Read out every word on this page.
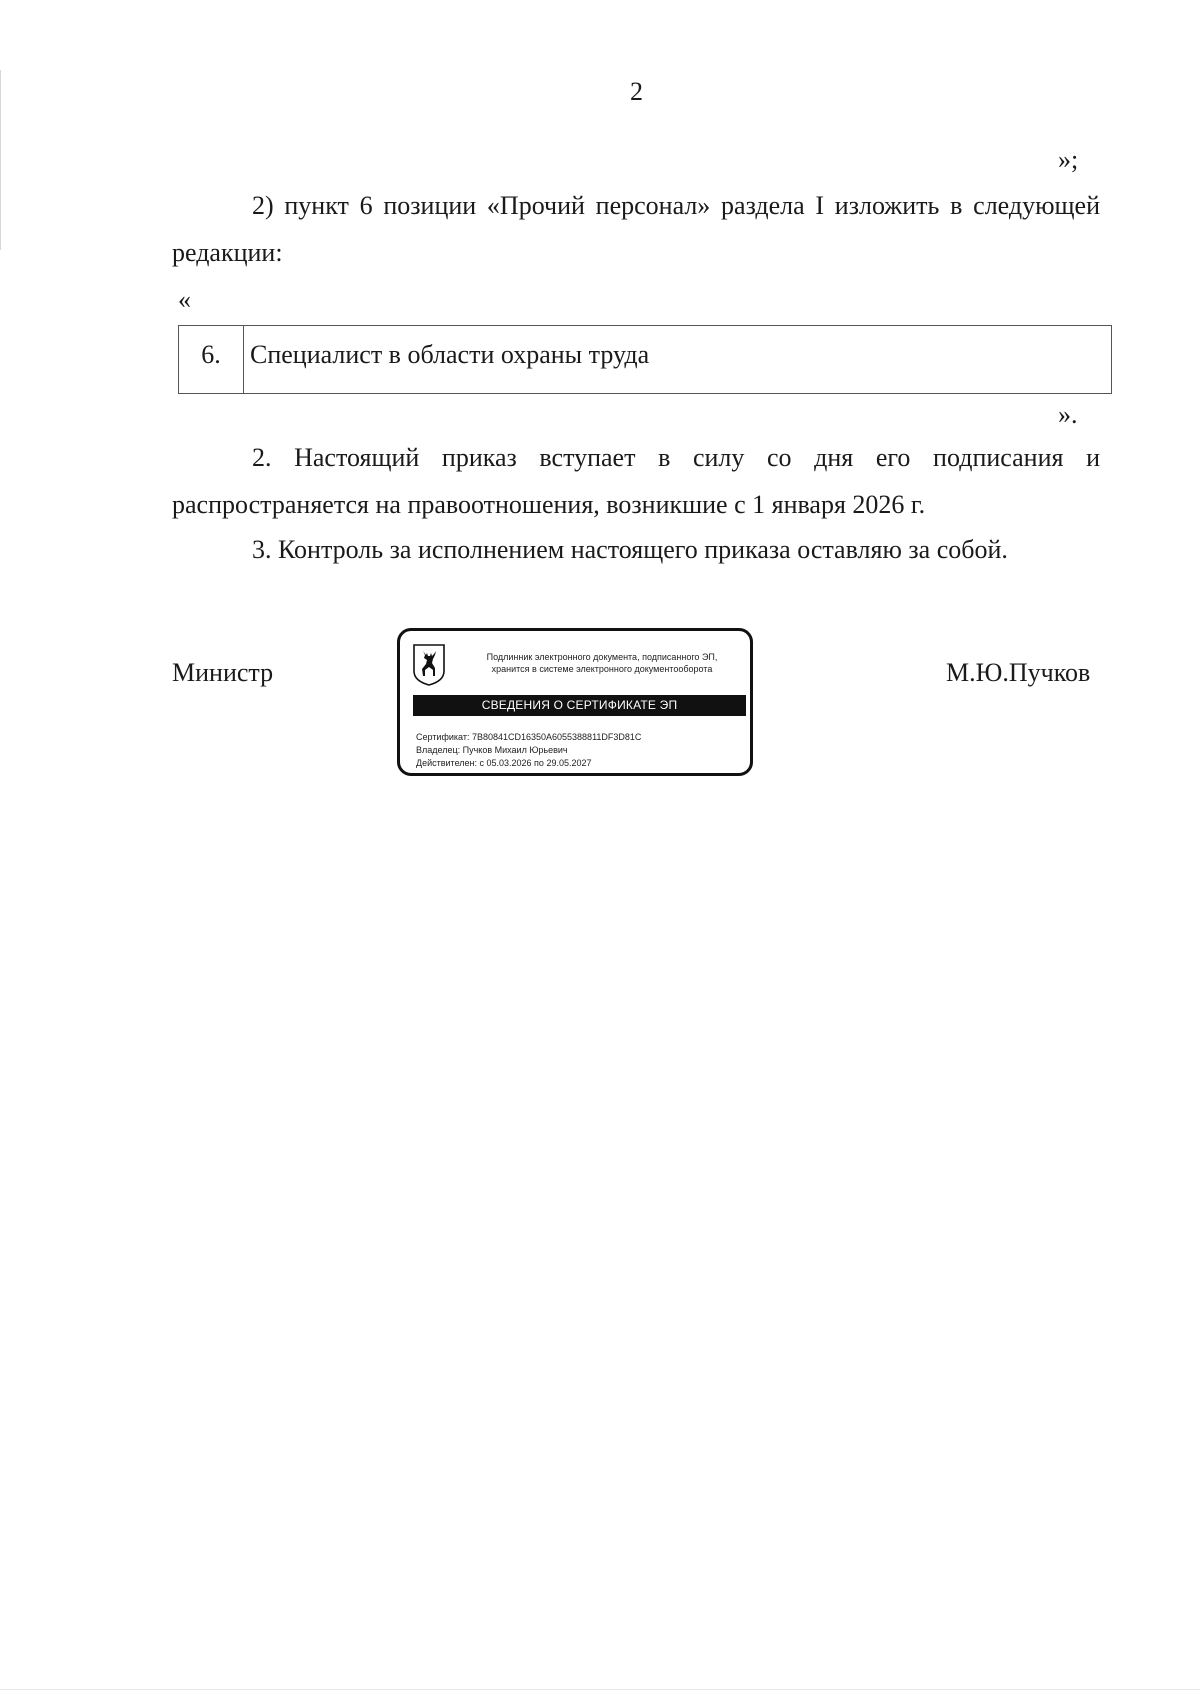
2
»;
2) пункт 6 позиции «Прочий персонал» раздела I изложить в следующей
редакции:
«
6.	Специалист в области охраны труда
».
2. Настоящий приказ вступает в силу со дня его подписания и
распространяется на правоотношения, возникшие с 1 января 2026 г.
3. Контроль за исполнением настоящего приказа оставляю за собой.
Министр	М.Ю.Пучков
Подлинник электронного документа, подписанного ЭП,
хранится в системе электронного документооборота
СВЕДЕНИЯ О СЕРТИФИКАТЕ ЭП
Сертификат: 7B80841CD16350A6055388811DF3D81C
Владелец: Пучков Михаил Юрьевич
Действителен: с 05.03.2026 по 29.05.2027
